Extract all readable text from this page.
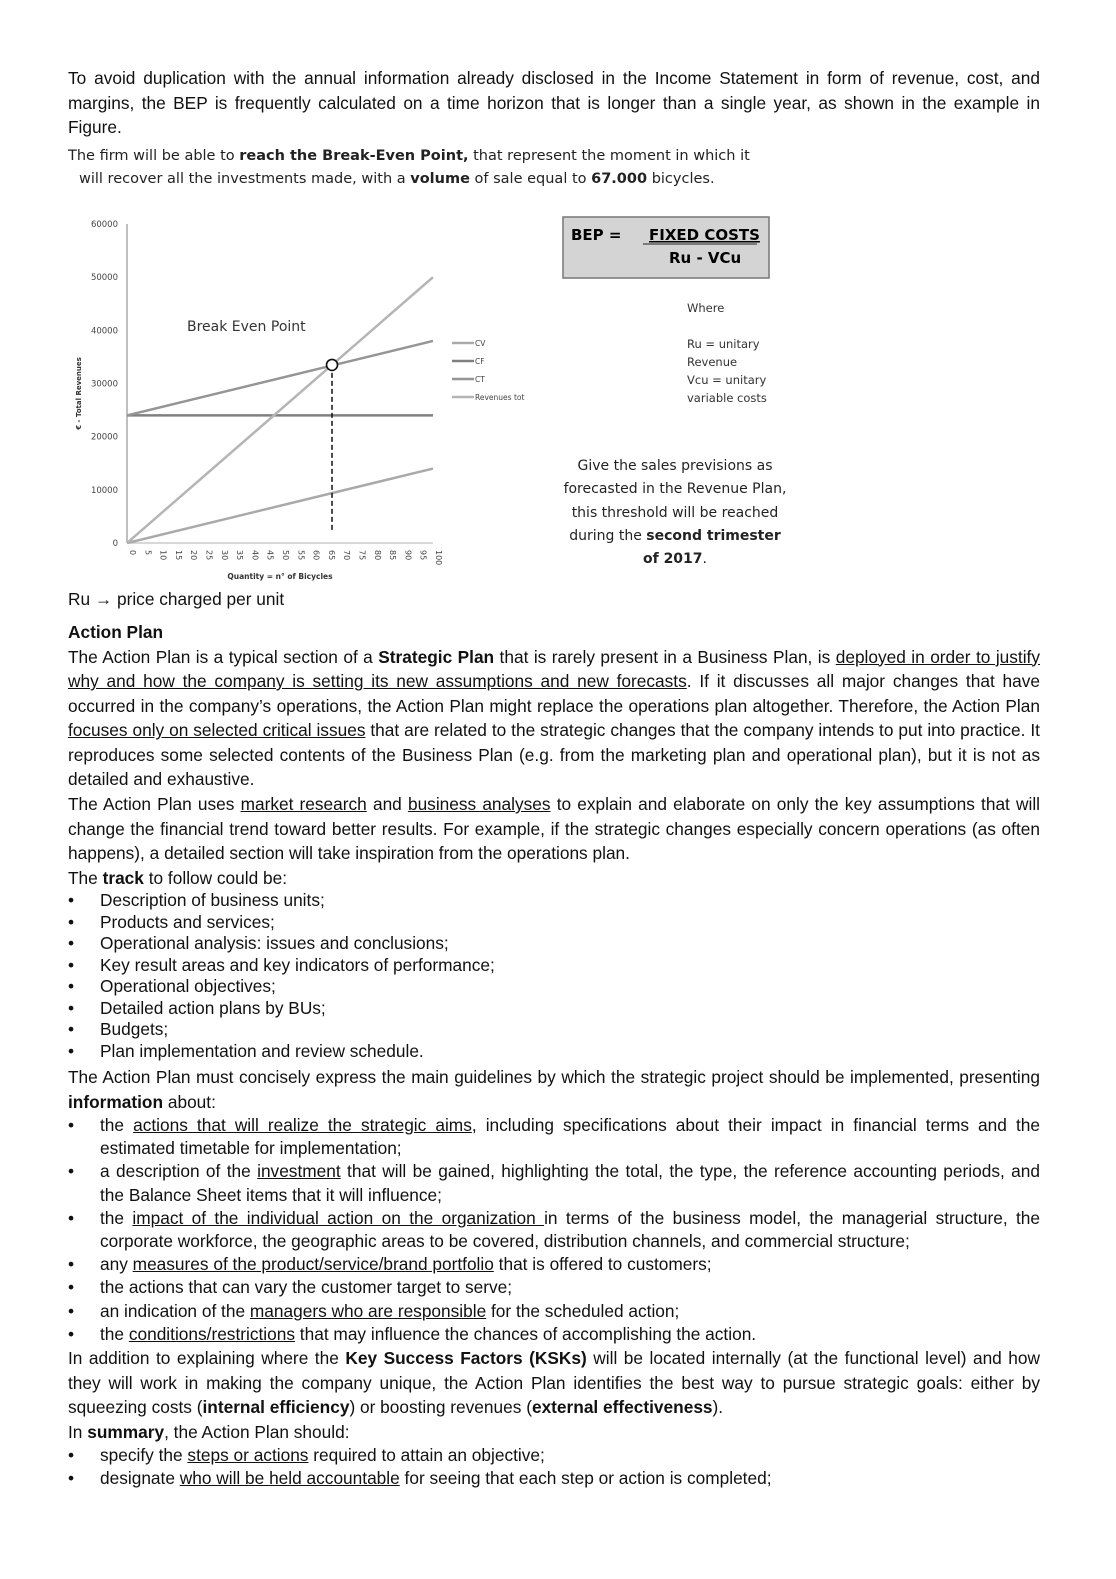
To avoid duplication with the annual information already disclosed in the Income Statement in form of revenue, cost, and margins, the BEP is frequently calculated on a time horizon that is longer than a single year, as shown in the example in Figure.

The firm will be able to reach the Break-Even Point, that represent the moment in which it
will recover all the investments made, with a volume of sale equal to 67.000 bicycles.
0
10000
20000
30000
40000
50000
60000
0 5 10 15 20 25 30 35 40 45 50 55 60 65 70 75 80 85 90 95 100
Quantity = n° of Bicycles
€ - Total Revenues
Break Even Point
CV
CF
CT
Revenues tot
BEP = FIXED COSTS
Ru - VCu
Where
Ru = unitary
Revenue
Vcu = unitary
variable costs
Give the sales previsions as forecasted in the Revenue Plan, this threshold will be reached during the second trimester of 2017.

Ru → price charged per unit

Action Plan

The Action Plan is a typical section of a Strategic Plan that is rarely present in a Business Plan, is deployed in order to justify why and how the company is setting its new assumptions and new forecasts. If it discusses all major changes that have occurred in the company’s operations, the Action Plan might replace the operations plan altogether. Therefore, the Action Plan focuses only on selected critical issues that are related to the strategic changes that the company intends to put into practice. It reproduces some selected contents of the Business Plan (e.g. from the marketing plan and operational plan), but it is not as detailed and exhaustive.

The Action Plan uses market research and business analyses to explain and elaborate on only the key assumptions that will change the financial trend toward better results. For example, if the strategic changes especially concern operations (as often happens), a detailed section will take inspiration from the operations plan.

The track to follow could be:

• Description of business units;
• Products and services;
• Operational analysis: issues and conclusions;
• Key result areas and key indicators of performance;
• Operational objectives;
• Detailed action plans by BUs;
• Budgets;
• Plan implementation and review schedule.

The Action Plan must concisely express the main guidelines by which the strategic project should be implemented, presenting information about:

• the actions that will realize the strategic aims, including specifications about their impact in financial terms and the estimated timetable for implementation;
• a description of the investment that will be gained, highlighting the total, the type, the reference accounting periods, and the Balance Sheet items that it will influence;
• the impact of the individual action on the organization in terms of the business model, the managerial structure, the corporate workforce, the geographic areas to be covered, distribution channels, and commercial structure;
• any measures of the product/service/brand portfolio that is offered to customers;
• the actions that can vary the customer target to serve;
• an indication of the managers who are responsible for the scheduled action;
• the conditions/restrictions that may influence the chances of accomplishing the action.

In addition to explaining where the Key Success Factors (KSKs) will be located internally (at the functional level) and how they will work in making the company unique, the Action Plan identifies the best way to pursue strategic goals: either by squeezing costs (internal efficiency) or boosting revenues (external effectiveness).

In summary, the Action Plan should:

• specify the steps or actions required to attain an objective;
• designate who will be held accountable for seeing that each step or action is completed;
